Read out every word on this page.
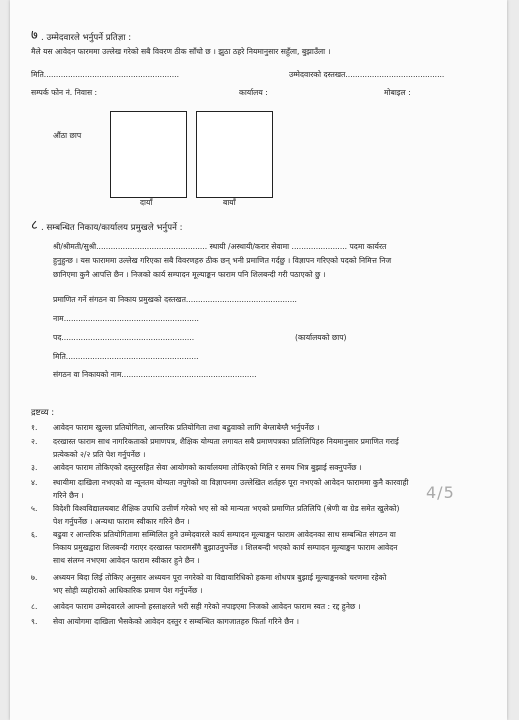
७ . उम्मेदवारले भर्नुपर्ने प्रतिज्ञा :
मैले यस आवेदन फारममा उल्लेख गरेको सबै विवरण ठीक साँचो छ । झुठा ठहरे नियमानुसार सहुँला, बुझाउँला ।
मिति........................................................	उम्मेदवारको दस्तखत.........................................
सम्पर्क फोन नं. निवास :	कार्यालय :	मोबाइल :
औंठा छाप
दायाँ	बायाँ
८ . सम्बन्धित निकाय/कार्यालय प्रमुखले भर्नुपर्ने :
श्री/श्रीमती/सुश्री.............................................. स्थायी /अस्थायी/करार सेवामा ....................... पदमा कार्यरत
हुनुहुन्छ । यस फाराममा उल्लेख गरिएका सबै विवरणहरु ठीक छन् भनी प्रमाणित गर्दछु । विज्ञापन गरिएको पदको निमित्त निज
छानिएमा कुनै आपत्ति छैन । निजको कार्य सम्पादन मूल्याङ्कन फाराम पनि शिलबन्दी गरी पठाएको छु ।
प्रमाणित गर्ने संगठन वा निकाय प्रमुखको दस्तखत..............................................
नाम........................................................
पद.......................................................	(कार्यालयको छाप)
मिति.......................................................
संगठन वा निकायको नाम........................................................
द्रष्टव्य :
१. आवेदन फाराम खुल्ला प्रतियोगिता, आन्तरिक प्रतियोगिता तथा बढुवाको लागि बेग्लाबेग्लै भर्नुपर्नेछ ।
२. दरखास्त फाराम साथ नागरिकताको प्रमाणपत्र, शैक्षिक योग्यता लगायत सबै प्रमाणपत्रका प्रतिलिपिहरु नियमानुसार प्रमाणित गराई
प्रत्येकको २/२ प्रति पेश गर्नुपर्नेछ ।
३. आवेदन फाराम तोकिएको दस्तुरसहित सेवा आयोगको कार्यालयमा तोकिएको मिति र समय भित्र बुझाई सक्नुपर्नेछ ।
४. स्थायीमा दाखिला नभएको वा न्यूनतम योग्यता नपुगेको वा विज्ञापनमा उल्लेखित शर्तहरु पूरा नभएको आवेदन फाराममा कुनै कारवाही
गरिने छैन ।
५. विदेशी विश्वविद्यालयबाट शैक्षिक उपाधि उत्तीर्ण गरेको भए सो को मान्यता भएको प्रमाणित प्रतिलिपि (श्रेणी वा ग्रेड समेत खुलेको)
पेश गर्नुपर्नेछ । अन्यथा फाराम स्वीकार गरिने छैन ।
६. बढुवा र आन्तरिक प्रतियोगितामा सम्मिलित हुने उम्मेदवारले कार्य सम्पादन मूल्याङ्कन फाराम आवेदनका साथ सम्बन्धित संगठन वा
निकाय प्रमुखद्वारा शिलबन्दी गराएर दरखास्त फारामसँगै बुझाउनुपर्नेछ । शिलबन्दी भएको कार्य सम्पादन मूल्याङ्कन फाराम आवेदन
साथ संलग्न नभएमा आवेदन फाराम स्वीकार हुने छैन ।
७. अध्ययन बिदा लिई तोकिए अनुसार अध्ययन पूरा नगरेको वा विद्यावारिधिको हकमा शोधपत्र बुझाई मूल्याङ्कनको चरणमा रहेको
भए सोही व्यहोराको आधिकारिक प्रमाण पेश गर्नुपर्नेछ ।
८. आवेदन फाराम उम्मेदवारले आफ्नो हस्ताक्षरले भरी सही गरेको नपाइएमा निजको आवेदन फाराम स्वत : रद्द हुनेछ ।
९. सेवा आयोगमा दाखिला भैसकेको आवेदन दस्तुर र सम्बन्धित कागजातहरु फिर्ता गरिने छैन ।
4/5
